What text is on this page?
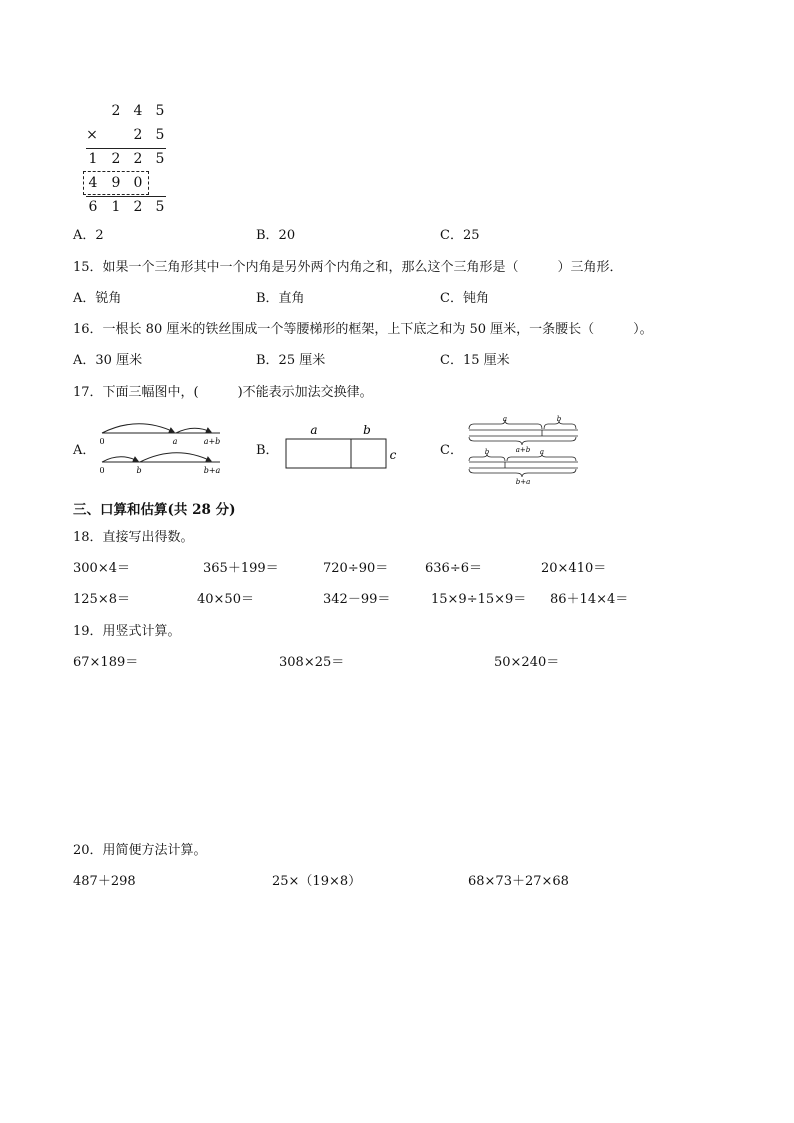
2 4 5
×	2 5
1 2 2 5
4 9 0
6 1 2 5
A．2	B．20	C．25
15．如果一个三角形其中一个内角是另外两个内角之和，那么这个三角形是（　　　）三角形．
A．锐角	B．直角	C．钝角
16．一根长 80 厘米的铁丝围成一个等腰梯形的框架，上下底之和为 50 厘米，一条腰长（　　　）。
A．30 厘米	B．25 厘米	C．15 厘米
17．下面三幅图中，(　　　)不能表示加法交换律。
A．
0	a	a+b
0	b	b+a
B．
a	b
c	C．
a	b
a+b
b	a
b+a
三、口算和估算(共 28 分)
18．直接写出得数。
300×4＝	365＋199＝	720÷90＝	636÷6＝	20×410＝
125×8＝	40×50＝	342－99＝	15×9÷15×9＝ 86＋14×4＝
19．用竖式计算。
67×189＝	308×25＝	50×240＝
20．用简便方法计算。
487＋298	25×（19×8）	68×73＋27×68
